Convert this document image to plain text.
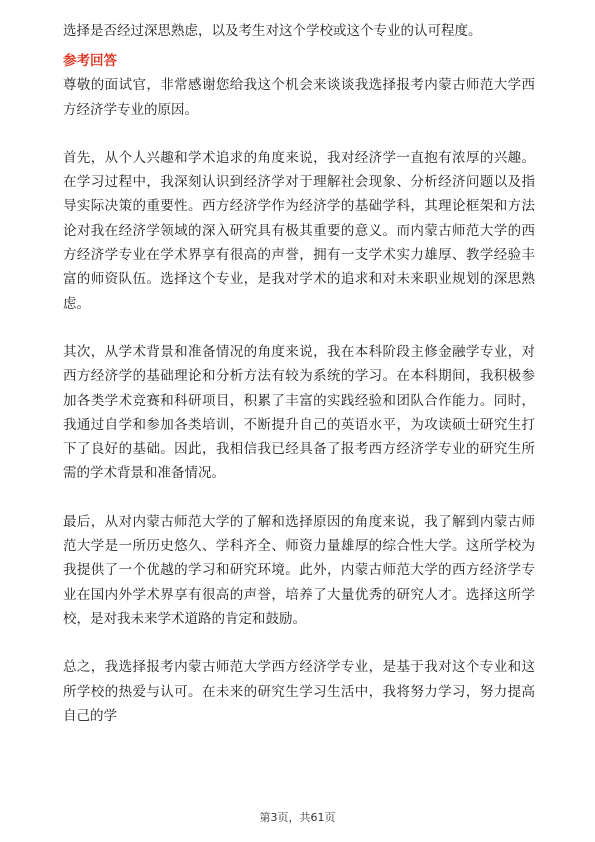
选择是否经过深思熟虑，以及考生对这个学校或这个专业的认可程度。

参考回答

尊敬的面试官，非常感谢您给我这个机会来谈谈我选择报考内蒙古师范大学西方经济学专业的原因。

首先，从个人兴趣和学术追求的角度来说，我对经济学一直抱有浓厚的兴趣。在学习过程中，我深刻认识到经济学对于理解社会现象、分析经济问题以及指导实际决策的重要性。西方经济学作为经济学的基础学科，其理论框架和方法论对我在经济学领域的深入研究具有极其重要的意义。而内蒙古师范大学的西方经济学专业在学术界享有很高的声誉，拥有一支学术实力雄厚、教学经验丰富的师资队伍。选择这个专业，是我对学术的追求和对未来职业规划的深思熟虑。

其次，从学术背景和准备情况的角度来说，我在本科阶段主修金融学专业，对西方经济学的基础理论和分析方法有较为系统的学习。在本科期间，我积极参加各类学术竞赛和科研项目，积累了丰富的实践经验和团队合作能力。同时，我通过自学和参加各类培训，不断提升自己的英语水平，为攻读硕士研究生打下了良好的基础。因此，我相信我已经具备了报考西方经济学专业的研究生所需的学术背景和准备情况。

最后，从对内蒙古师范大学的了解和选择原因的角度来说，我了解到内蒙古师范大学是一所历史悠久、学科齐全、师资力量雄厚的综合性大学。这所学校为我提供了一个优越的学习和研究环境。此外，内蒙古师范大学的西方经济学专业在国内外学术界享有很高的声誉，培养了大量优秀的研究人才。选择这所学校，是对我未来学术道路的肯定和鼓励。

总之，我选择报考内蒙古师范大学西方经济学专业，是基于我对这个专业和这所学校的热爱与认可。在未来的研究生学习生活中，我将努力学习，努力提高自己的学

第3页，共61页
